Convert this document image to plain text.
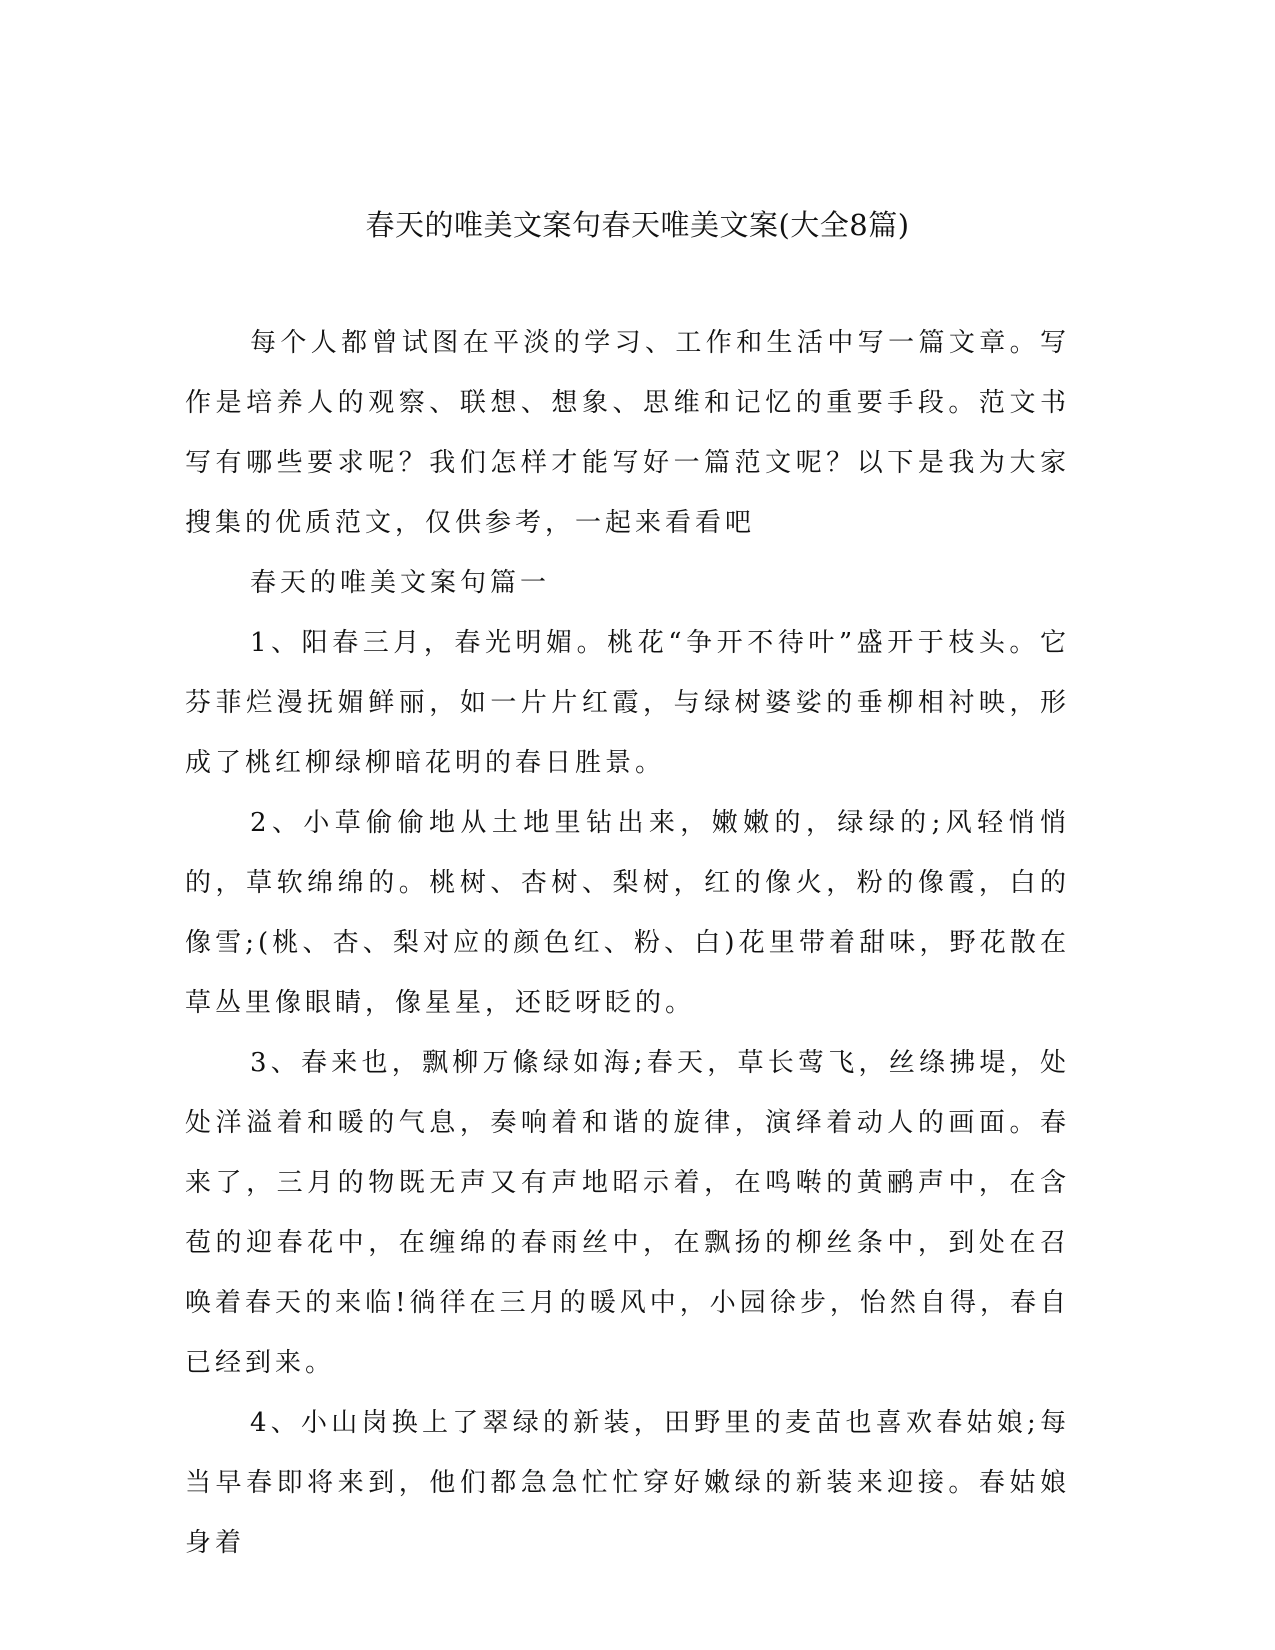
春天的唯美文案句春天唯美文案(大全8篇)

每个人都曾试图在平淡的学习、工作和生活中写一篇文章。写作是培养人的观察、联想、想象、思维和记忆的重要手段。范文书写有哪些要求呢？我们怎样才能写好一篇范文呢？以下是我为大家搜集的优质范文，仅供参考，一起来看看吧

春天的唯美文案句篇一

1、阳春三月，春光明媚。桃花“争开不待叶”盛开于枝头。它芬菲烂漫抚媚鲜丽，如一片片红霞，与绿树婆娑的垂柳相衬映，形成了桃红柳绿柳暗花明的春日胜景。

2、小草偷偷地从土地里钻出来，嫩嫩的，绿绿的;风轻悄悄的，草软绵绵的。桃树、杏树、梨树，红的像火，粉的像霞，白的像雪;(桃、杏、梨对应的颜色红、粉、白)花里带着甜味，野花散在草丛里像眼睛，像星星，还眨呀眨的。

3、春来也，飘柳万絛绿如海;春天，草长莺飞，丝绦拂堤，处处洋溢着和暖的气息，奏响着和谐的旋律，演绎着动人的画面。春来了，三月的物既无声又有声地昭示着，在鸣啭的黄鹂声中，在含苞的迎春花中，在缠绵的春雨丝中，在飘扬的柳丝条中，到处在召唤着春天的来临!徜徉在三月的暖风中，小园徐步，怡然自得，春自已经到来。

4、小山岗换上了翠绿的新装，田野里的麦苗也喜欢春姑娘;每当早春即将来到，他们都急急忙忙穿好嫩绿的新装来迎接。春姑娘身着
